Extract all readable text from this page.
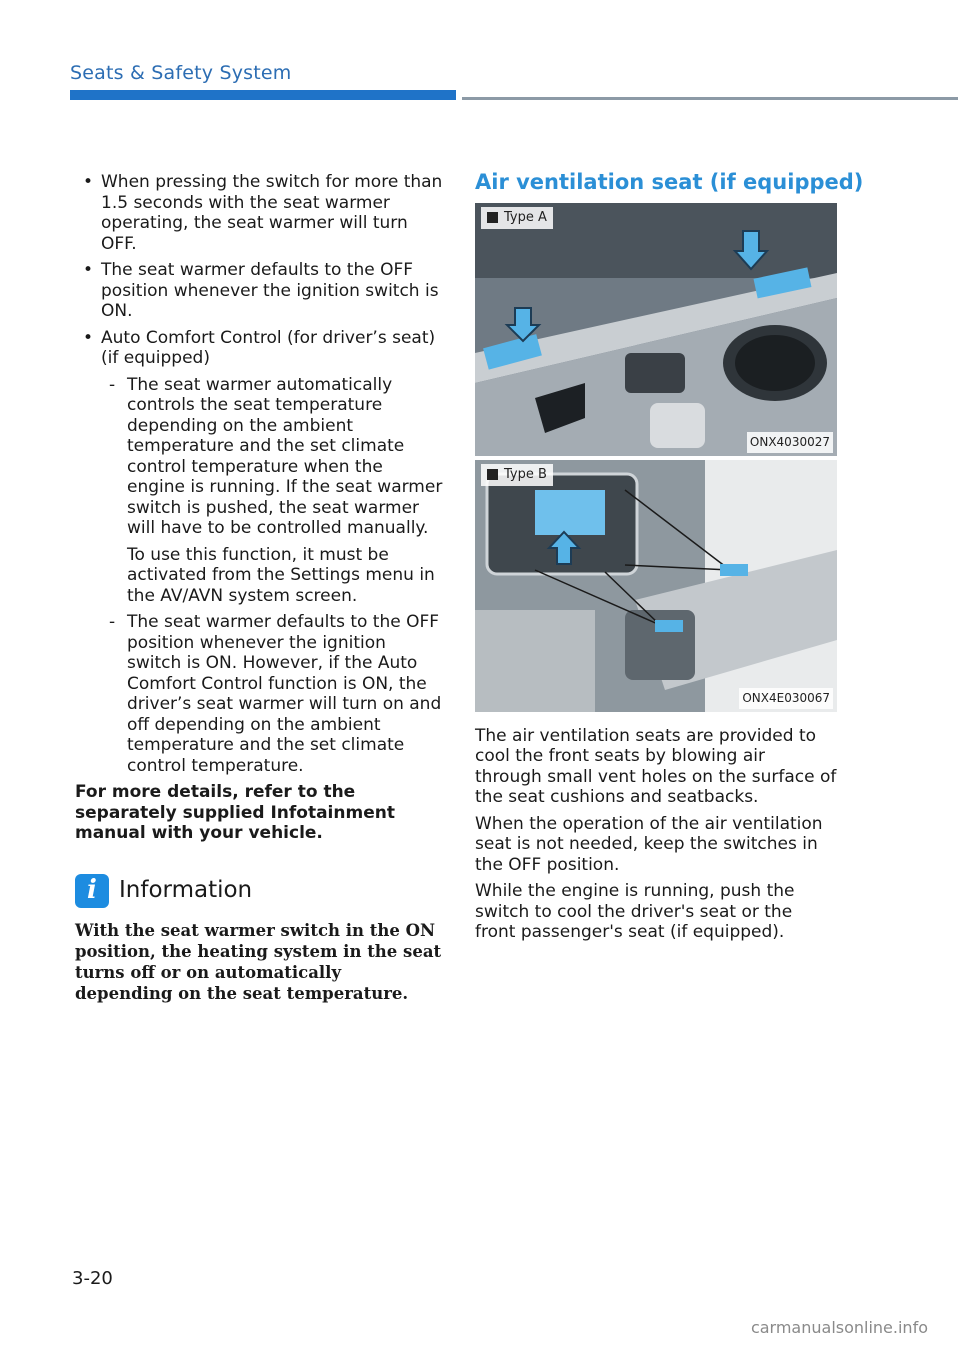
Seats & Safety System
• When pressing the switch for more than 1.5 seconds with the seat warmer operating, the seat warmer will turn OFF.
• The seat warmer defaults to the OFF position whenever the ignition switch is ON.
• Auto Comfort Control (for driver’s seat) (if equipped)
- The seat warmer automatically controls the seat temperature depending on the ambient temperature and the set climate control temperature when the engine is running. If the seat warmer switch is pushed, the seat warmer will have to be controlled manually.
To use this function, it must be activated from the Settings menu in the AV/AVN system screen.
- The seat warmer defaults to the OFF position whenever the ignition switch is ON. However, if the Auto Comfort Control function is ON, the driver’s seat warmer will turn on and off depending on the ambient temperature and the set climate control temperature.
For more details, refer to the separately supplied Infotainment manual with your vehicle.
i Information
With the seat warmer switch in the ON position, the heating system in the seat turns off or on automatically depending on the seat temperature.
Air ventilation seat (if equipped)
Type A
ONX4030027
Type B
ONX4E030067

The air ventilation seats are provided to cool the front seats by blowing air through small vent holes on the surface of the seat cushions and seatbacks.

When the operation of the air ventilation seat is not needed, keep the switches in the OFF position.

While the engine is running, push the switch to cool the driver's seat or the front passenger's seat (if equipped).

3-20
carmanualsonline.info
